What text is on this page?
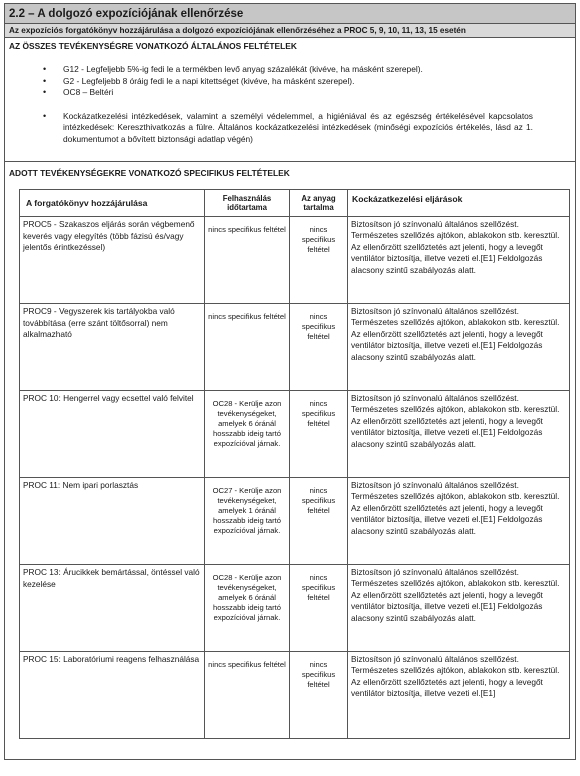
2.2 – A dolgozó expozíciójának ellenőrzése
Az expozíciós forgatókönyv hozzájárulása a dolgozó expozíciójának ellenőrzéséhez a PROC 5, 9, 10, 11, 13, 15 esetén
AZ ÖSSZES TEVÉKENYSÉGRE VONATKOZÓ ÁLTALÁNOS FELTÉTELEK
• G12 - Legfeljebb 5%-ig fedi le a termékben levő anyag százalékát (kivéve, ha másként szerepel).
• G2 - Legfeljebb 8 óráig fedi le a napi kitettséget (kivéve, ha másként szerepel).
• OC8 – Beltéri
• Kockázatkezelési intézkedések, valamint a személyi védelemmel, a higiéniával és az egészség értékelésével kapcsolatos intézkedések: Kereszthivatkozás a fülre. Általános kockázatkezelési intézkedések (minőségi expozíciós értékelés, lásd az 1. dokumentumot a bővített biztonsági adatlap végén)
ADOTT TEVÉKENYSÉGEKRE VONATKOZÓ SPECIFIKUS FELTÉTELEK
A forgatókönyv hozzájárulása	Felhasználás időtartama	Az anyag tartalma	Kockázatkezelési eljárások
PROC5 - Szakaszos eljárás során végbemenő keverés vagy elegyítés (több fázisú és/vagy jelentős érintkezéssel)	nincs specifikus feltétel	nincs specifikus feltétel	Biztosítson jó színvonalú általános szellőzést. Természetes szellőzés ajtókon, ablakokon stb. keresztül. Az ellenőrzött szellőztetés azt jelenti, hogy a levegőt ventilátor biztosítja, illetve vezeti el.[E1] Feldolgozás alacsony szintű szabályozás alatt.
PROC9 - Vegyszerek kis tartályokba való továbbítása (erre szánt töltősorral) nem alkalmazható	nincs specifikus feltétel	nincs specifikus feltétel	Biztosítson jó színvonalú általános szellőzést. Természetes szellőzés ajtókon, ablakokon stb. keresztül. Az ellenőrzött szellőztetés azt jelenti, hogy a levegőt ventilátor biztosítja, illetve vezeti el.[E1] Feldolgozás alacsony szintű szabályozás alatt.
PROC 10: Hengerrel vagy ecsettel való felvitel	OC28 - Kerülje azon tevékenységeket, amelyek 6 óránál hosszabb ideig tartó expozícióval járnak.	nincs specifikus feltétel	Biztosítson jó színvonalú általános szellőzést. Természetes szellőzés ajtókon, ablakokon stb. keresztül. Az ellenőrzött szellőztetés azt jelenti, hogy a levegőt ventilátor biztosítja, illetve vezeti el.[E1] Feldolgozás alacsony szintű szabályozás alatt.
PROC 11: Nem ipari porlasztás	OC27 - Kerülje azon tevékenységeket, amelyek 1 óránál hosszabb ideig tartó expozícióval járnak.	nincs specifikus feltétel	Biztosítson jó színvonalú általános szellőzést. Természetes szellőzés ajtókon, ablakokon stb. keresztül. Az ellenőrzött szellőztetés azt jelenti, hogy a levegőt ventilátor biztosítja, illetve vezeti el.[E1] Feldolgozás alacsony szintű szabályozás alatt.
PROC 13: Árucikkek bemártással, öntéssel való kezelése	OC28 - Kerülje azon tevékenységeket, amelyek 6 óránál hosszabb ideig tartó expozícióval járnak.	nincs specifikus feltétel	Biztosítson jó színvonalú általános szellőzést. Természetes szellőzés ajtókon, ablakokon stb. keresztül. Az ellenőrzött szellőztetés azt jelenti, hogy a levegőt ventilátor biztosítja, illetve vezeti el.[E1] Feldolgozás alacsony szintű szabályozás alatt.
PROC 15: Laboratóriumi reagens felhasználása	nincs specifikus feltétel	nincs specifikus feltétel	Biztosítson jó színvonalú általános szellőzést. Természetes szellőzés ajtókon, ablakokon stb. keresztül. Az ellenőrzött szellőztetés azt jelenti, hogy a levegőt ventilátor biztosítja, illetve vezeti el.[E1]
